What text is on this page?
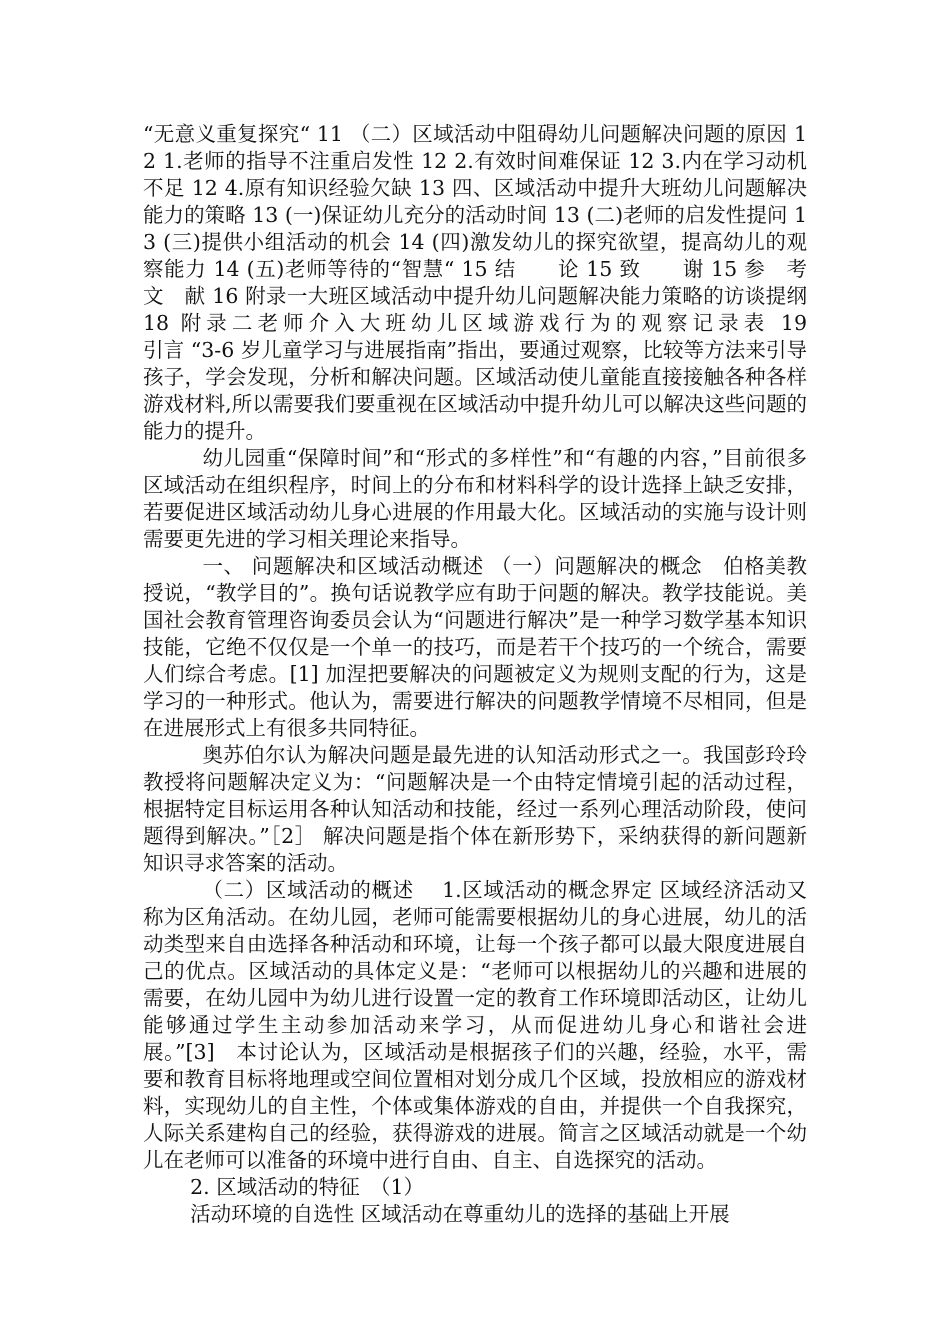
“无意义重复探究“ 11 （二）区域活动中阻碍幼儿问题解决问题的原因 12 1.老师的指导不注重启发性 12 2.有效时间难保证 12 3.内在学习动机不足 12 4.原有知识经验欠缺 13 四、区域活动中提升大班幼儿问题解决能力的策略 13 (一)保证幼儿充分的活动时间 13 (二)老师的启发性提问 13 (三)提供小组活动的机会 14 (四)激发幼儿的探究欲望，提高幼儿的观察能力 14 (五)老师等待的“智慧“ 15 结　　论 15 致　　谢 15 参　考　文　献 16 附录一大班区域活动中提升幼儿问题解决能力策略的访谈提纲 18 附录二老师介入大班幼儿区域游戏行为的观察记录表 19　　　　　　　引言 “3-6 岁儿童学习与进展指南”指出，要通过观察，比较等方法来引导孩子，学会发现，分析和解决问题。区域活动使儿童能直接接触各种各样游戏材料,所以需要我们要重视在区域活动中提升幼儿可以解决这些问题的能力的提升。

幼儿园重“保障时间”和“形式的多样性”和“有趣的内容，”目前很多区域活动在组织程序，时间上的分布和材料科学的设计选择上缺乏安排，若要促进区域活动幼儿身心进展的作用最大化。区域活动的实施与设计则需要更先进的学习相关理论来指导。

一、 问题解决和区域活动概述 （一）问题解决的概念　伯格美教授说，“教学目的”。换句话说教学应有助于问题的解决。教学技能说。美国社会教育管理咨询委员会认为“问题进行解决”是一种学习数学基本知识技能，它绝不仅仅是一个单一的技巧，而是若干个技巧的一个统合，需要人们综合考虑。[1] 加涅把要解决的问题被定义为规则支配的行为，这是学习的一种形式。他认为，需要进行解决的问题教学情境不尽相同，但是在进展形式上有很多共同特征。

奥苏伯尔认为解决问题是最先进的认知活动形式之一。我国彭玲玲教授将问题解决定义为：“问题解决是一个由特定情境引起的活动过程，根据特定目标运用各种认知活动和技能，经过一系列心理活动阶段，使问题得到解决。”［2］ 解决问题是指个体在新形势下，采纳获得的新问题新知识寻求答案的活动。

（二）区域活动的概述　 1.区域活动的概念界定 区域经济活动又称为区角活动。在幼儿园，老师可能需要根据幼儿的身心进展，幼儿的活动类型来自由选择各种活动和环境，让每一个孩子都可以最大限度进展自己的优点。区域活动的具体定义是：“老师可以根据幼儿的兴趣和进展的需要，在幼儿园中为幼儿进行设置一定的教育工作环境即活动区，让幼儿能够通过学生主动参加活动来学习，从而促进幼儿身心和谐社会进展。”[3]　本讨论认为，区域活动是根据孩子们的兴趣，经验，水平，需要和教育目标将地理或空间位置相对划分成几个区域，投放相应的游戏材料，实现幼儿的自主性，个体或集体游戏的自由，并提供一个自我探究，人际关系建构自己的经验，获得游戏的进展。简言之区域活动就是一个幼儿在老师可以准备的环境中进行自由、自主、自选探究的活动。

2. 区域活动的特征　（1）

活动环境的自选性 区域活动在尊重幼儿的选择的基础上开展
